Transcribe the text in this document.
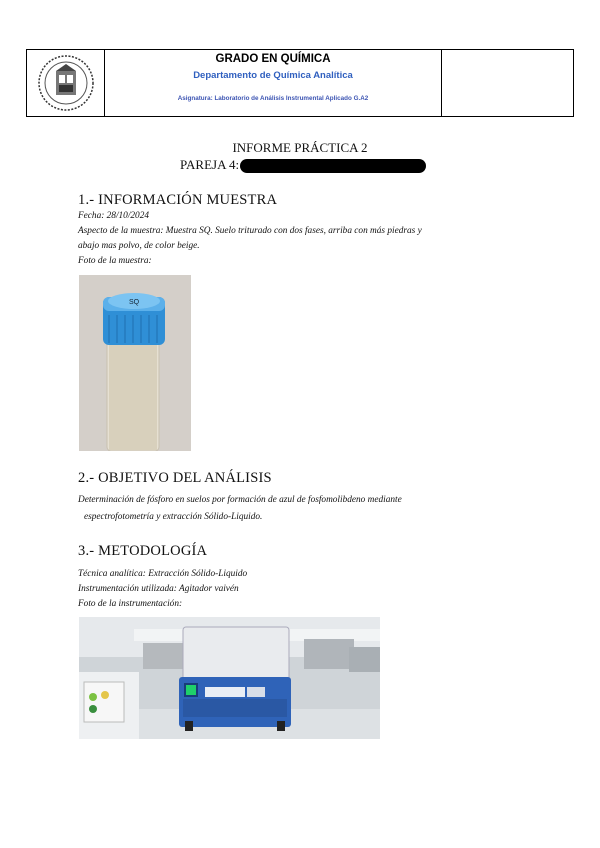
GRADO EN QUÍMICA
Departamento de Química Analítica
Asignatura: Laboratorio de Análisis Instrumental Aplicado G.A2
INFORME PRÁCTICA 2
PAREJA 4:
1.- INFORMACIÓN MUESTRA

Fecha: 28/10/2024

Aspecto de la muestra: Muestra SQ. Suelo triturado con dos fases, arriba con más piedras y

abajo mas polvo, de color beige.

Foto de la muestra:

SQ
2.- OBJETIVO DEL ANÁLISIS

Determinación de fósforo en suelos por formación de azul de fosfomolibdeno mediante

espectrofotometría y extracción Sólido-Liquido.

3.- METODOLOGÍA

Técnica analítica: Extracción Sólido-Liquido

Instrumentación utilizada: Agitador vaivén

Foto de la instrumentación:
